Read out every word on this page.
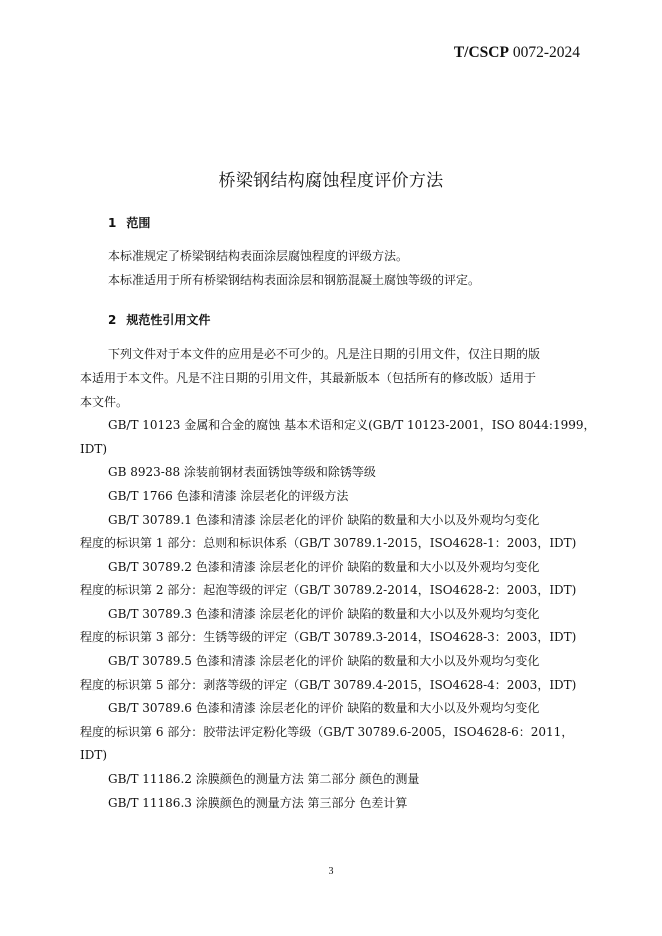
T/CSCP 0072-2024
桥梁钢结构腐蚀程度评价方法
1 范围
本标准规定了桥梁钢结构表面涂层腐蚀程度的评级方法。
本标准适用于所有桥梁钢结构表面涂层和钢筋混凝土腐蚀等级的评定。
2 规范性引用文件
下列文件对于本文件的应用是必不可少的。凡是注日期的引用文件，仅注日期的版
本适用于本文件。凡是不注日期的引用文件，其最新版本（包括所有的修改版）适用于
本文件。
GB/T 10123 金属和合金的腐蚀 基本术语和定义(GB/T 10123-2001，ISO 8044:1999，
IDT)
GB 8923-88 涂装前钢材表面锈蚀等级和除锈等级
GB/T 1766 色漆和清漆 涂层老化的评级方法
GB/T 30789.1 色漆和清漆 涂层老化的评价 缺陷的数量和大小以及外观均匀变化
程度的标识第 1 部分：总则和标识体系（GB/T 30789.1-2015，ISO4628-1：2003，IDT)
GB/T 30789.2 色漆和清漆 涂层老化的评价 缺陷的数量和大小以及外观均匀变化
程度的标识第 2 部分：起泡等级的评定（GB/T 30789.2-2014，ISO4628-2：2003，IDT)
GB/T 30789.3 色漆和清漆 涂层老化的评价 缺陷的数量和大小以及外观均匀变化
程度的标识第 3 部分：生锈等级的评定（GB/T 30789.3-2014，ISO4628-3：2003，IDT)
GB/T 30789.5 色漆和清漆 涂层老化的评价 缺陷的数量和大小以及外观均匀变化
程度的标识第 5 部分：剥落等级的评定（GB/T 30789.4-2015，ISO4628-4：2003，IDT)
GB/T 30789.6 色漆和清漆 涂层老化的评价 缺陷的数量和大小以及外观均匀变化
程度的标识第 6 部分：胶带法评定粉化等级（GB/T 30789.6-2005，ISO4628-6：2011，
IDT)
GB/T 11186.2 涂膜颜色的测量方法 第二部分 颜色的测量
GB/T 11186.3 涂膜颜色的测量方法 第三部分 色差计算
3
